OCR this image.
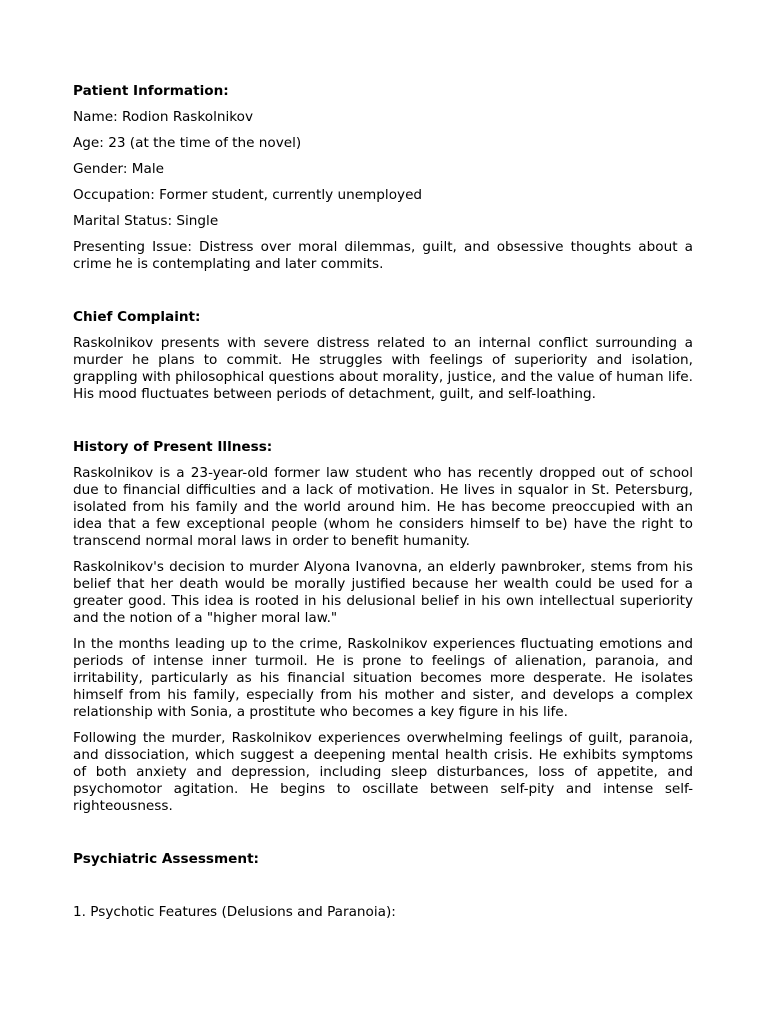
Patient Information:

Name: Rodion Raskolnikov

Age: 23 (at the time of the novel)

Gender: Male

Occupation: Former student, currently unemployed

Marital Status: Single

Presenting Issue: Distress over moral dilemmas, guilt, and obsessive thoughts about a crime he is contemplating and later commits.

Chief Complaint:

Raskolnikov presents with severe distress related to an internal conflict surrounding a murder he plans to commit. He struggles with feelings of superiority and isolation, grappling with philosophical questions about morality, justice, and the value of human life. His mood fluctuates between periods of detachment, guilt, and self-loathing.

History of Present Illness:

Raskolnikov is a 23-year-old former law student who has recently dropped out of school due to financial difficulties and a lack of motivation. He lives in squalor in St. Petersburg, isolated from his family and the world around him. He has become preoccupied with an idea that a few exceptional people (whom he considers himself to be) have the right to transcend normal moral laws in order to benefit humanity.

Raskolnikov's decision to murder Alyona Ivanovna, an elderly pawnbroker, stems from his belief that her death would be morally justified because her wealth could be used for a greater good. This idea is rooted in his delusional belief in his own intellectual superiority and the notion of a "higher moral law."

In the months leading up to the crime, Raskolnikov experiences fluctuating emotions and periods of intense inner turmoil. He is prone to feelings of alienation, paranoia, and irritability, particularly as his financial situation becomes more desperate. He isolates himself from his family, especially from his mother and sister, and develops a complex relationship with Sonia, a prostitute who becomes a key figure in his life.

Following the murder, Raskolnikov experiences overwhelming feelings of guilt, paranoia, and dissociation, which suggest a deepening mental health crisis. He exhibits symptoms of both anxiety and depression, including sleep disturbances, loss of appetite, and psychomotor agitation. He begins to oscillate between self-pity and intense self-righteousness.

Psychiatric Assessment:

1. Psychotic Features (Delusions and Paranoia):
